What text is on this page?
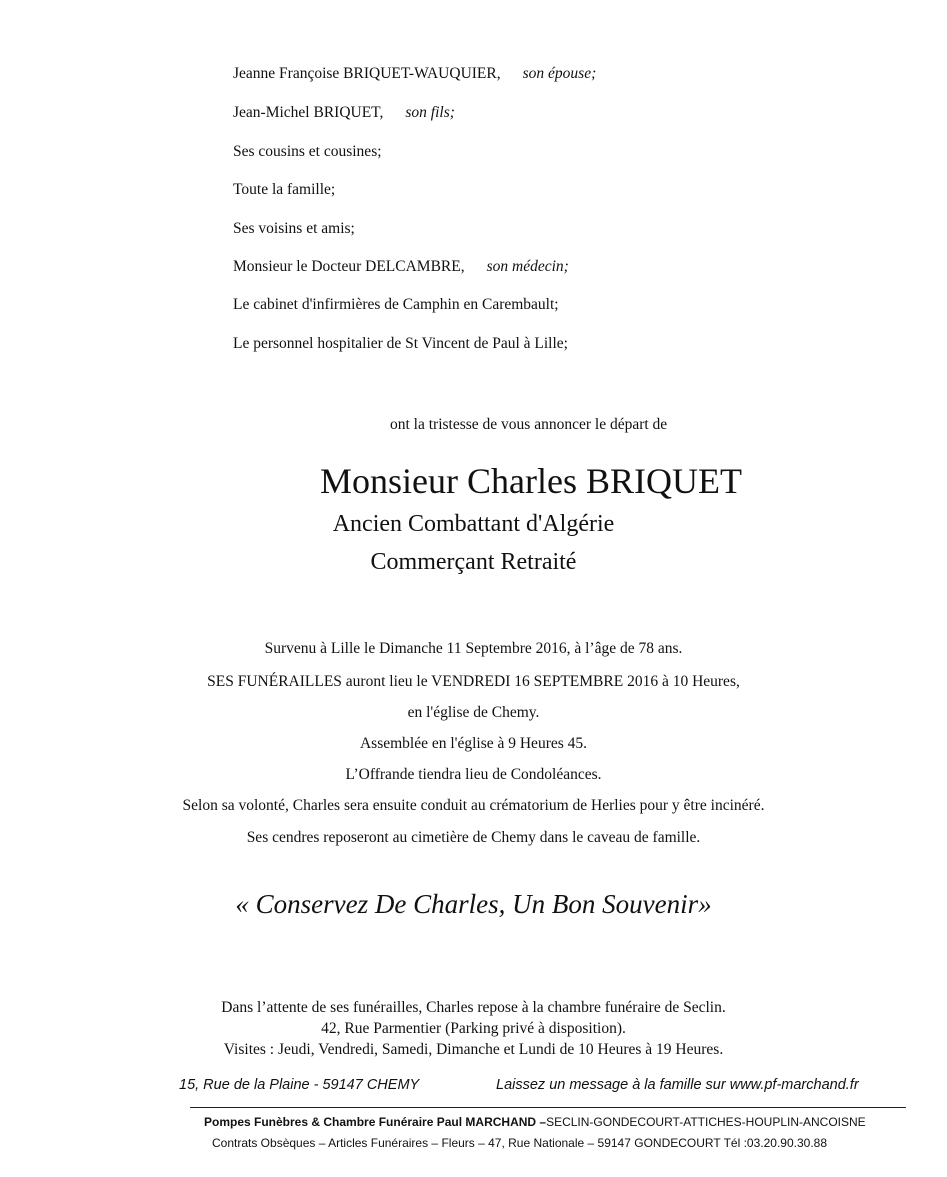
Jeanne Françoise BRIQUET-WAUQUIER, son épouse;
Jean-Michel BRIQUET, son fils;
Ses cousins et cousines;
Toute la famille;
Ses voisins et amis;
Monsieur le Docteur DELCAMBRE, son médecin;
Le cabinet d'infirmières de Camphin en Carembault;
Le personnel hospitalier de St Vincent de Paul à Lille;
ont la tristesse de vous annoncer le départ de
Monsieur Charles BRIQUET
Ancien Combattant d'Algérie
Commerçant Retraité
Survenu à Lille le Dimanche 11 Septembre 2016, à l’âge de 78 ans.
SES FUNÉRAILLES auront lieu le VENDREDI 16 SEPTEMBRE 2016 à 10 Heures,
en l'église de Chemy.
Assemblée en l'église à 9 Heures 45.
L’Offrande tiendra lieu de Condoléances.
Selon sa volonté, Charles sera ensuite conduit au crématorium de Herlies pour y être incinéré.
Ses cendres reposeront au cimetière de Chemy dans le caveau de famille.
« Conservez De Charles, Un Bon Souvenir»
Dans l’attente de ses funérailles, Charles repose à la chambre funéraire de Seclin.
42, Rue Parmentier (Parking privé à disposition).
Visites : Jeudi, Vendredi, Samedi, Dimanche et Lundi de 10 Heures à 19 Heures.
15, Rue de la Plaine - 59147 CHEMY	Laissez un message à la famille sur www.pf-marchand.fr
Pompes Funèbres & Chambre Funéraire Paul MARCHAND –SECLIN-GONDECOURT-ATTICHES-HOUPLIN-ANCOISNE
Contrats Obsèques – Articles Funéraires – Fleurs – 47, Rue Nationale – 59147 GONDECOURT Tél :03.20.90.30.88
